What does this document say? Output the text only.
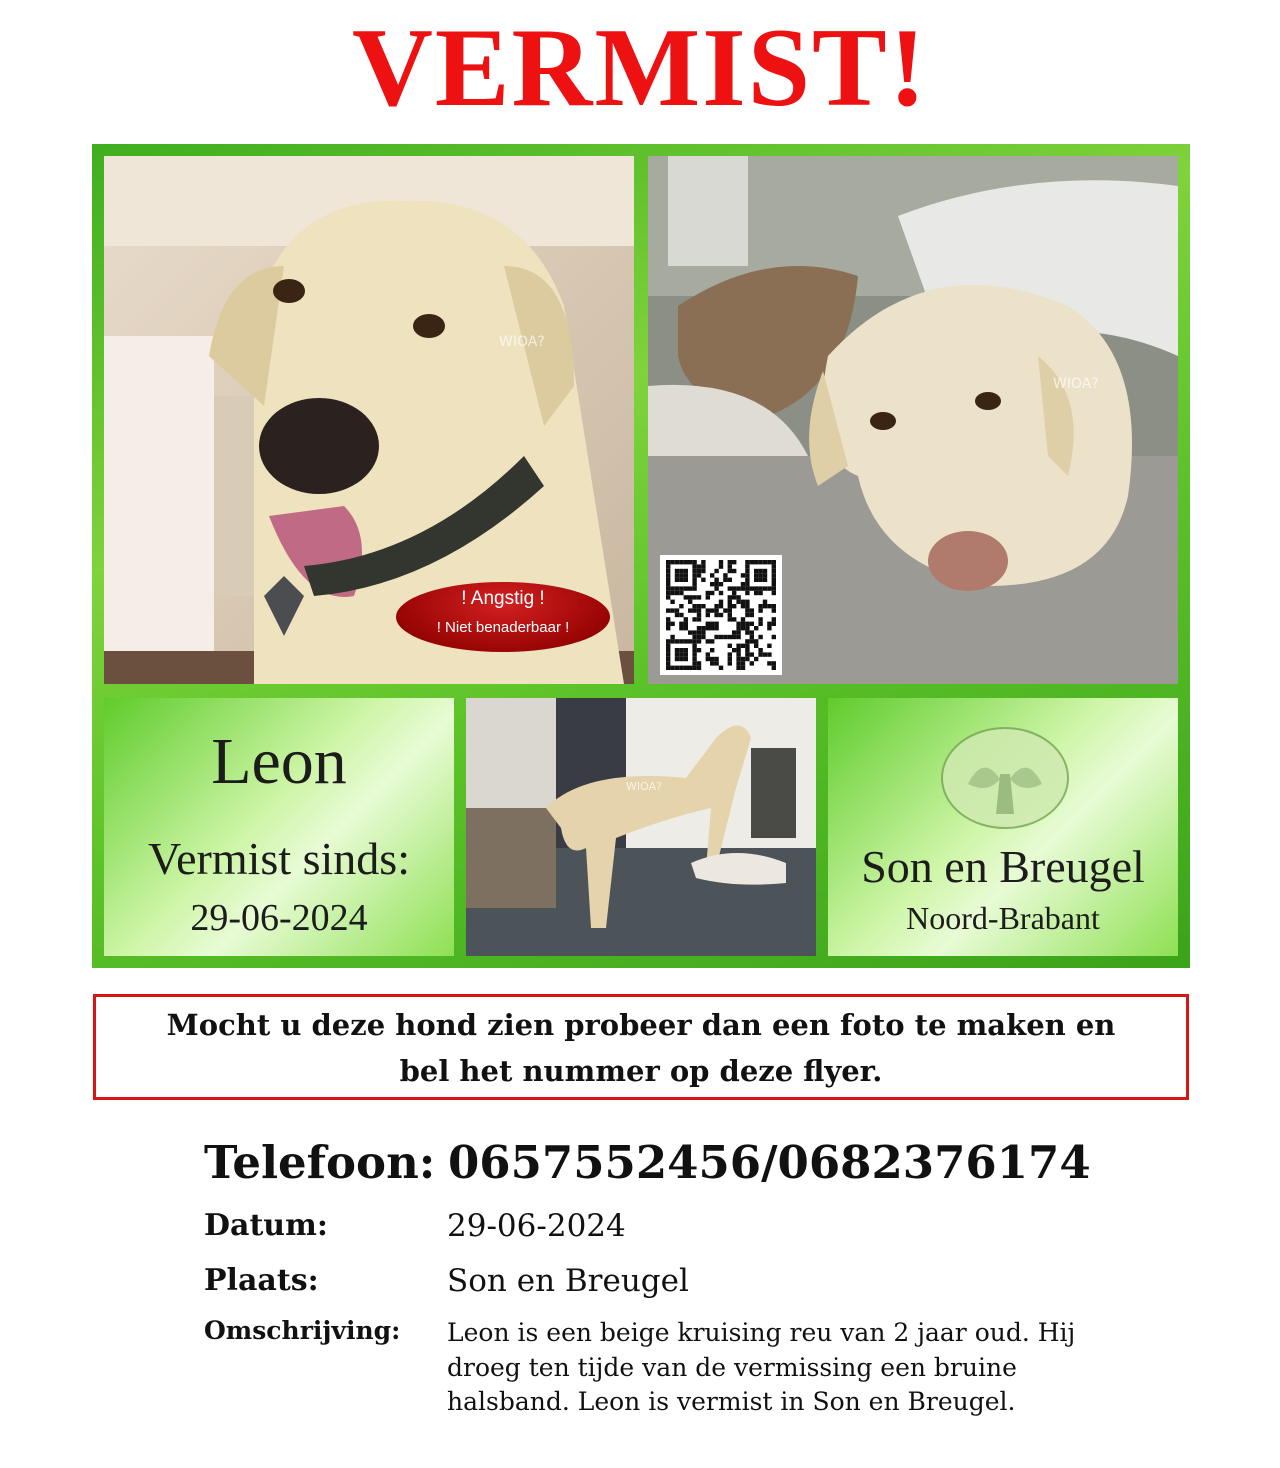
VERMIST!
WIOA?
WIOA?
WIOA?
! Angstig !
! Niet benaderbaar !
Leon
Vermist sinds:
29-06-2024
Son en Breugel
Noord-Brabant
Mocht u deze hond zien probeer dan een foto te maken en
bel het nummer op deze flyer.
Telefoon: 0657552456/0682376174
Datum:	29-06-2024
Plaats:	Son en Breugel
Omschrijving: Leon is een beige kruising reu van 2 jaar oud. Hij droeg ten tijde van de vermissing een bruine halsband. Leon is vermist in Son en Breugel.
